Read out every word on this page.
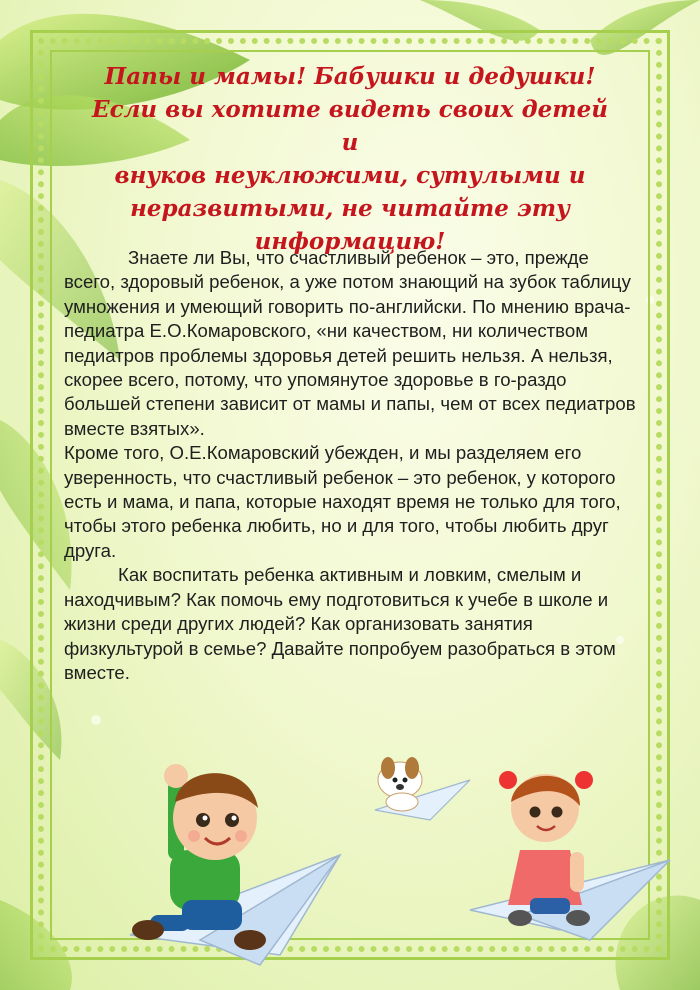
Папы и мамы! Бабушки и дедушки!
Если вы хотите видеть своих детей и
внуков неуклюжими, сутулыми и
неразвитыми, не читайте эту
информацию!

Знаете ли Вы, что счастливый ребенок – это, прежде всего, здоровый ребенок, а уже потом знающий на зубок таблицу умножения и умеющий говорить по-английски. По мнению врача-педиатра Е.О.Комаровского, «ни качеством, ни количеством педиатров проблемы здоровья детей решить нельзя. А нельзя, скорее всего, потому, что упомянутое здоровье в го-раздо большей степени зависит от мамы и папы, чем от всех педиатров вместе взятых».

Кроме того, О.Е.Комаровский убежден, и мы разделяем его уверенность, что счастливый ребенок – это ребенок, у которого есть и мама, и папа, которые находят время не только для того, чтобы этого ребенка любить, но и для того, чтобы любить друг друга.

Как воспитать ребенка активным и ловким, смелым и находчивым? Как помочь ему подготовиться к учебе в школе и жизни среди других людей? Как организовать занятия физкультурой в семье? Давайте попробуем разобраться в этом вместе.
